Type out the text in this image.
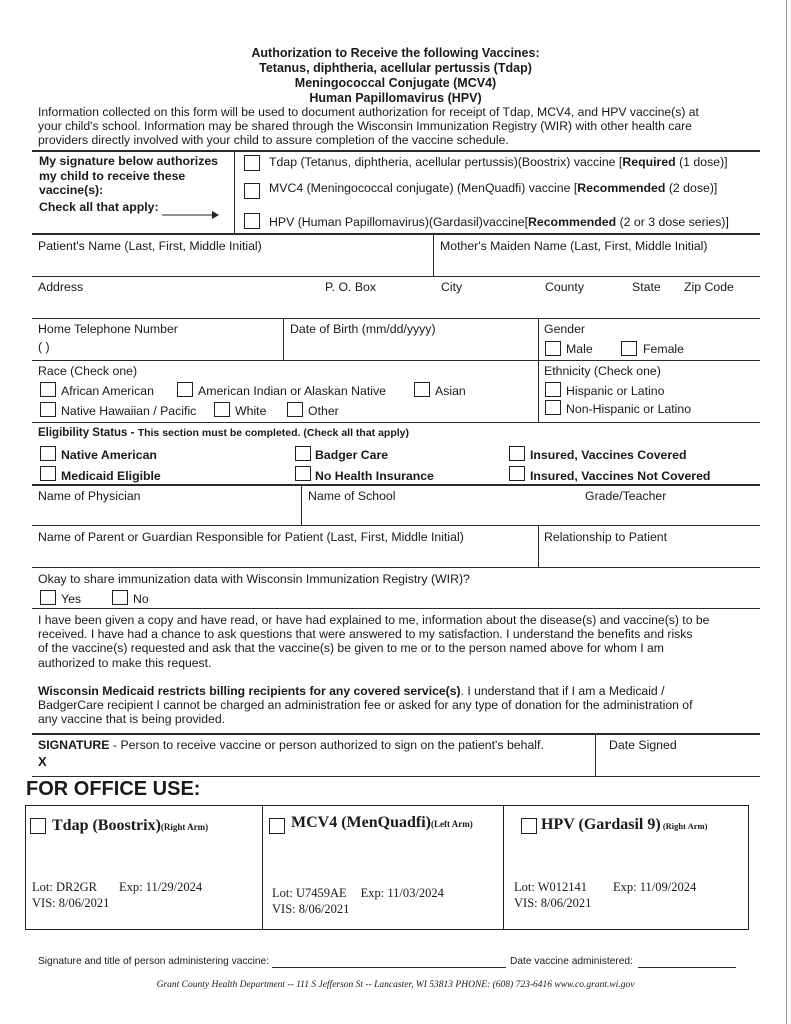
Authorization to Receive the following Vaccines:
Tetanus, diphtheria, acellular pertussis (Tdap)
Meningococcal Conjugate (MCV4)
Human Papillomavirus (HPV)
Information collected on this form will be used to document authorization for receipt of Tdap, MCV4, and HPV vaccine(s) at
your child's school. Information may be shared through the Wisconsin Immunization Registry (WIR) with other health care
providers directly involved with your child to assure completion of the vaccine schedule.
My signature below authorizes
my child to receive these
vaccine(s):
Check all that apply:
Tdap (Tetanus, diphtheria, acellular pertussis)(Boostrix) vaccine [Required (1 dose)]
MVC4 (Meningococcal conjugate) (MenQuadfi) vaccine [Recommended (2 dose)]
HPV (Human Papillomavirus)(Gardasil)vaccine[Recommended (2 or 3 dose series)]
Patient's Name (Last, First, Middle Initial)	Mother's Maiden Name (Last, First, Middle Initial)
Address	P. O. Box	City	County	State Zip Code
Home Telephone Number
( )
Date of Birth (mm/dd/yyyy)	Gender
Male	Female
Race (Check one)
African American	American Indian or Alaskan Native	Asian
Native Hawaiian / Pacific	White	Other
Ethnicity (Check one)
Hispanic or Latino
Non-Hispanic or Latino
Eligibility Status - This section must be completed. (Check all that apply)
Native American	Badger Care	Insured, Vaccines Covered
Medicaid Eligible	No Health Insurance	Insured, Vaccines Not Covered
Name of Physician	Name of School	Grade/Teacher
Name of Parent or Guardian Responsible for Patient (Last, First, Middle Initial)	Relationship to Patient
Okay to share immunization data with Wisconsin Immunization Registry (WIR)?
Yes	No
I have been given a copy and have read, or have had explained to me, information about the disease(s) and vaccine(s) to be
received. I have had a chance to ask questions that were answered to my satisfaction. I understand the benefits and risks
of the vaccine(s) requested and ask that the vaccine(s) be given to me or to the person named above for whom I am
authorized to make this request.
Wisconsin Medicaid restricts billing recipients for any covered service(s). I understand that if I am a Medicaid /
BadgerCare recipient I cannot be charged an administration fee or asked for any type of donation for the administration of
any vaccine that is being provided.
SIGNATURE - Person to receive vaccine or person authorized to sign on the patient's behalf.
X
Date Signed
FOR OFFICE USE:
Tdap (Boostrix)(Right Arm)
Lot: DR2GR Exp: 11/29/2024
VIS: 8/06/2021
MCV4 (MenQuadfi)(Left Arm)
Lot: U7459AE Exp: 11/03/2024
VIS: 8/06/2021
HPV (Gardasil 9) (Right Arm)
Lot: W012141 Exp: 11/09/2024
VIS: 8/06/2021
Signature and title of person administering vaccine:	Date vaccine administered:
Grant County Health Department -- 111 S Jefferson St -- Lancaster, WI 53813 PHONE: (608) 723-6416 www.co.grant.wi.gov
